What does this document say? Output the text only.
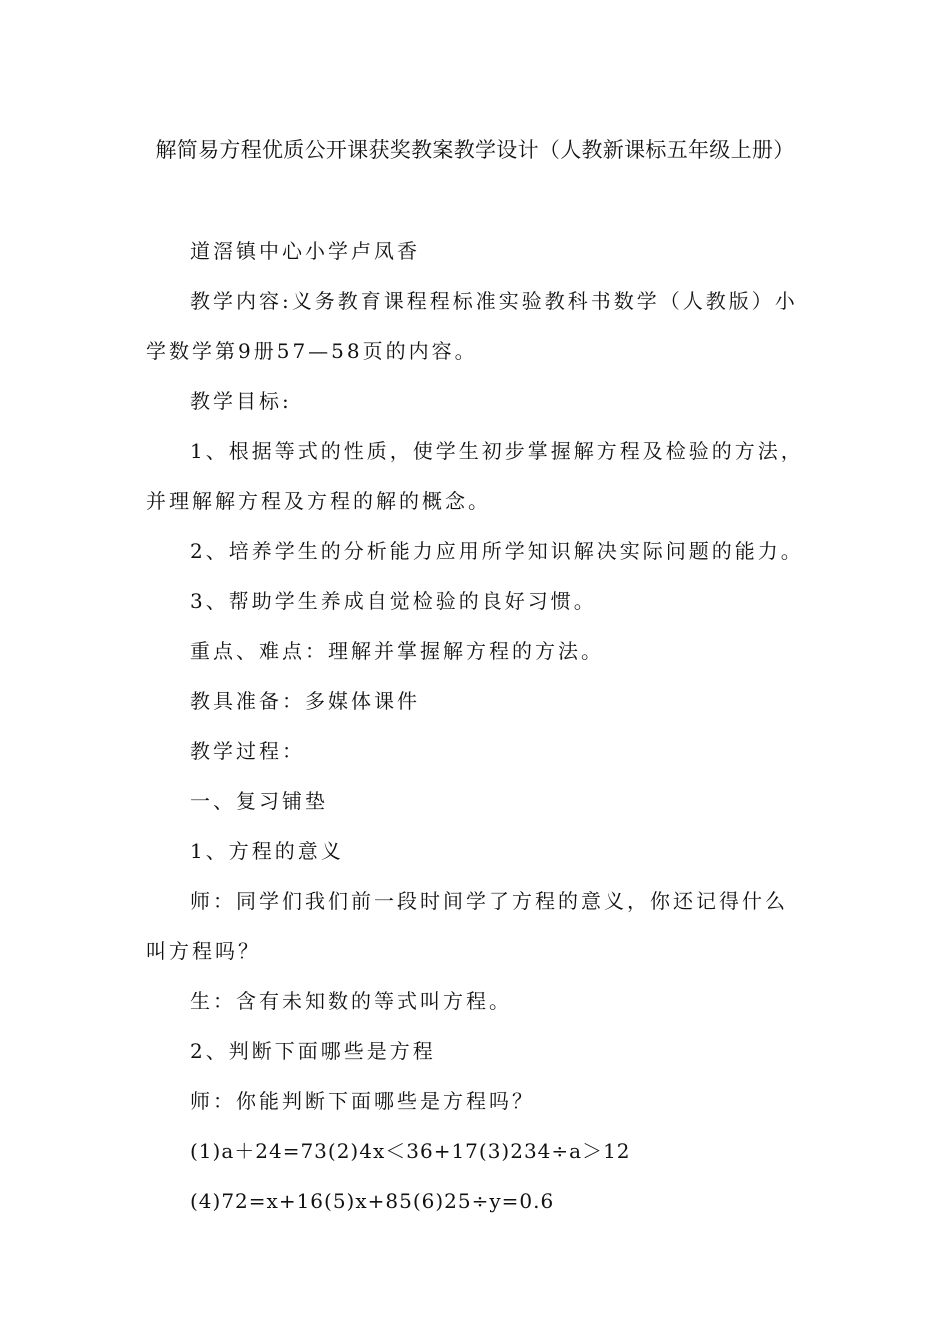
解简易方程优质公开课获奖教案教学设计（人教新课标五年级上册）

道滘镇中心小学卢凤香

教学内容:义务教育课程程标准实验教科书数学（人教版）小学数学第9册57—58页的内容。

教学目标:

1、根据等式的性质，使学生初步掌握解方程及检验的方法，并理解解方程及方程的解的概念。

2、培养学生的分析能力应用所学知识解决实际问题的能力。

3、帮助学生养成自觉检验的良好习惯。

重点、难点：理解并掌握解方程的方法。

教具准备：多媒体课件

教学过程：

一、复习铺垫

1、方程的意义

师：同学们我们前一段时间学了方程的意义，你还记得什么叫方程吗？

生：含有未知数的等式叫方程。

2、判断下面哪些是方程

师：你能判断下面哪些是方程吗？

(1)a＋24=73(2)4x＜36+17(3)234÷a＞12

(4)72=x+16(5)x+85(6)25÷y=0.6
